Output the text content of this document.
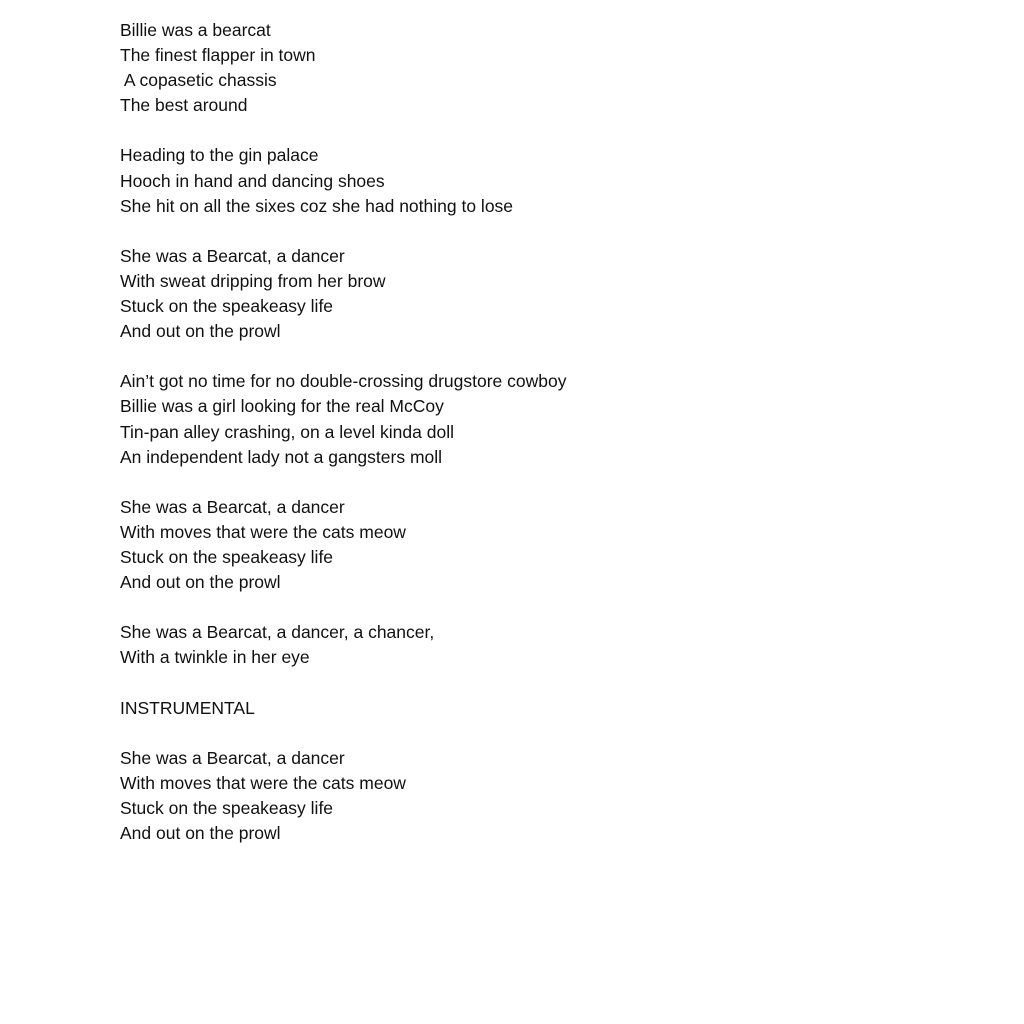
Billie was a bearcat
The finest flapper in town
A copasetic chassis
The best around
Heading to the gin palace
Hooch in hand and dancing shoes
She hit on all the sixes coz she had nothing to lose
She was a Bearcat, a dancer
With sweat dripping from her brow
Stuck on the speakeasy life
And out on the prowl
Ain’t got no time for no double-crossing drugstore cowboy
Billie was a girl looking for the real McCoy
Tin-pan alley crashing, on a level kinda doll
An independent lady not a gangsters moll
She was a Bearcat, a dancer
With moves that were the cats meow
Stuck on the speakeasy life
And out on the prowl
She was a Bearcat, a dancer, a chancer,
With a twinkle in her eye
INSTRUMENTAL
She was a Bearcat, a dancer
With moves that were the cats meow
Stuck on the speakeasy life
And out on the prowl
